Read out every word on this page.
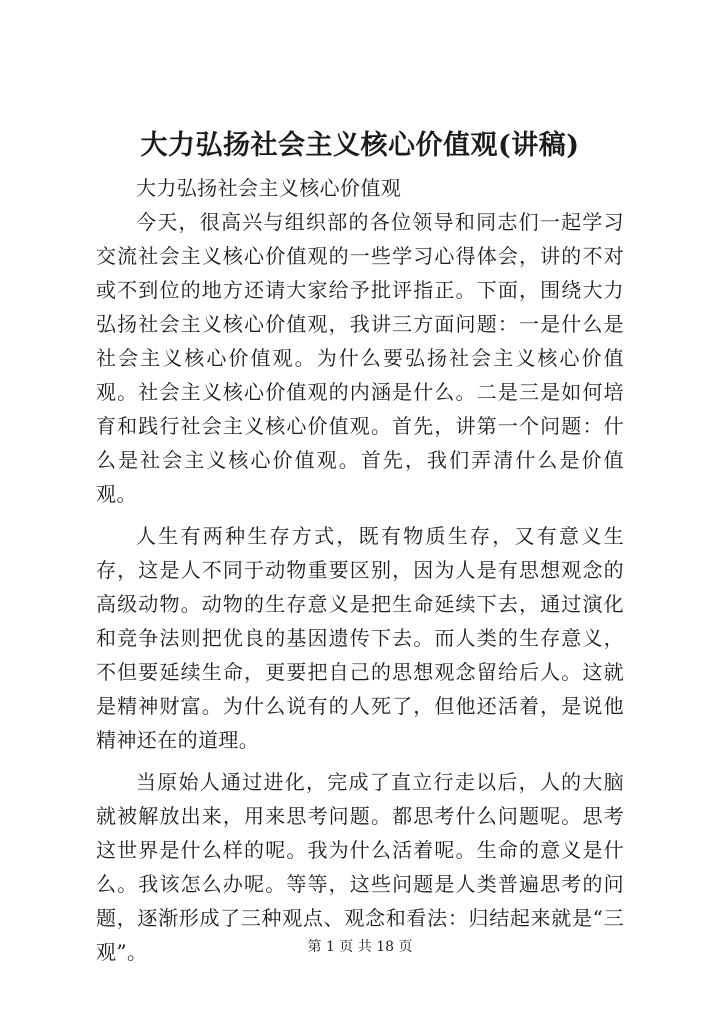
大力弘扬社会主义核心价值观(讲稿)

大力弘扬社会主义核心价值观

今天，很高兴与组织部的各位领导和同志们一起学习交流社会主义核心价值观的一些学习心得体会，讲的不对或不到位的地方还请大家给予批评指正。下面，围绕大力弘扬社会主义核心价值观，我讲三方面问题：一是什么是社会主义核心价值观。为什么要弘扬社会主义核心价值观。社会主义核心价值观的内涵是什么。二是三是如何培育和践行社会主义核心价值观。首先，讲第一个问题：什么是社会主义核心价值观。首先，我们弄清什么是价值观。

人生有两种生存方式，既有物质生存，又有意义生存，这是人不同于动物重要区别，因为人是有思想观念的高级动物。动物的生存意义是把生命延续下去，通过演化和竞争法则把优良的基因遗传下去。而人类的生存意义，不但要延续生命，更要把自己的思想观念留给后人。这就是精神财富。为什么说有的人死了，但他还活着，是说他精神还在的道理。

当原始人通过进化，完成了直立行走以后，人的大脑就被解放出来，用来思考问题。都思考什么问题呢。思考这世界是什么样的呢。我为什么活着呢。生命的意义是什么。我该怎么办呢。等等，这些问题是人类普遍思考的问题，逐渐形成了三种观点、观念和看法：归结起来就是“三观”。	第 1 页 共 18 页
